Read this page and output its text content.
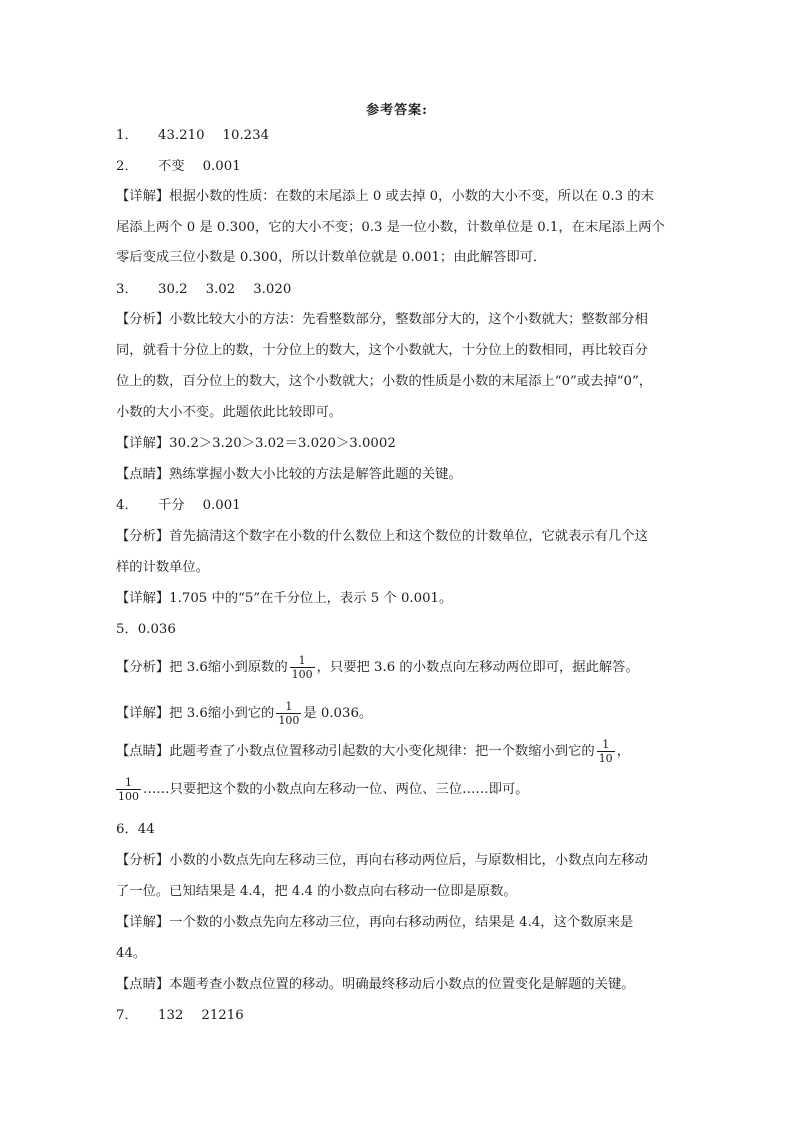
参考答案:
1． 43.210 10.234
2． 不变 0.001
【详解】根据小数的性质：在数的末尾添上 0 或去掉 0，小数的大小不变，所以在 0.3 的末
尾添上两个 0 是 0.300，它的大小不变；0.3 是一位小数，计数单位是 0.1，在末尾添上两个
零后变成三位小数是 0.300，所以计数单位就是 0.001；由此解答即可．
3． 30.2 3.02 3.020
【分析】小数比较大小的方法：先看整数部分，整数部分大的，这个小数就大；整数部分相
同，就看十分位上的数，十分位上的数大，这个小数就大，十分位上的数相同，再比较百分
位上的数，百分位上的数大，这个小数就大；小数的性质是小数的末尾添上“0”或去掉“0”，
小数的大小不变。此题依此比较即可。
【详解】30.2＞3.20＞3.02＝3.020＞3.0002
【点睛】熟练掌握小数大小比较的方法是解答此题的关键。
4． 千分 0.001
【分析】首先搞清这个数字在小数的什么数位上和这个数位的计数单位，它就表示有几个这
样的计数单位。
【详解】1.705 中的“5”在千分位上，表示 5 个 0.001。
5．0.036
【分析】把 3.6缩小到原数的 $\frac{1}{100}$ ，只要把 3.6 的小数点向左移动两位即可，据此解答。
【详解】把 3.6缩小到它的 $\frac{1}{100}$ 是 0.036。
【点睛】此题考查了小数点位置移动引起数的大小变化规律：把一个数缩小到它的 $\frac{1}{10}$ ，
$\frac{1}{100}$ ……只要把这个数的小数点向左移动一位、两位、三位……即可。
6．44
【分析】小数的小数点先向左移动三位，再向右移动两位后，与原数相比，小数点向左移动
了一位。已知结果是 4.4，把 4.4 的小数点向右移动一位即是原数。
【详解】一个数的小数点先向左移动三位，再向右移动两位，结果是 4.4，这个数原来是
44。
【点睛】本题考查小数点位置的移动。明确最终移动后小数点的位置变化是解题的关键。
7． 132 21216
